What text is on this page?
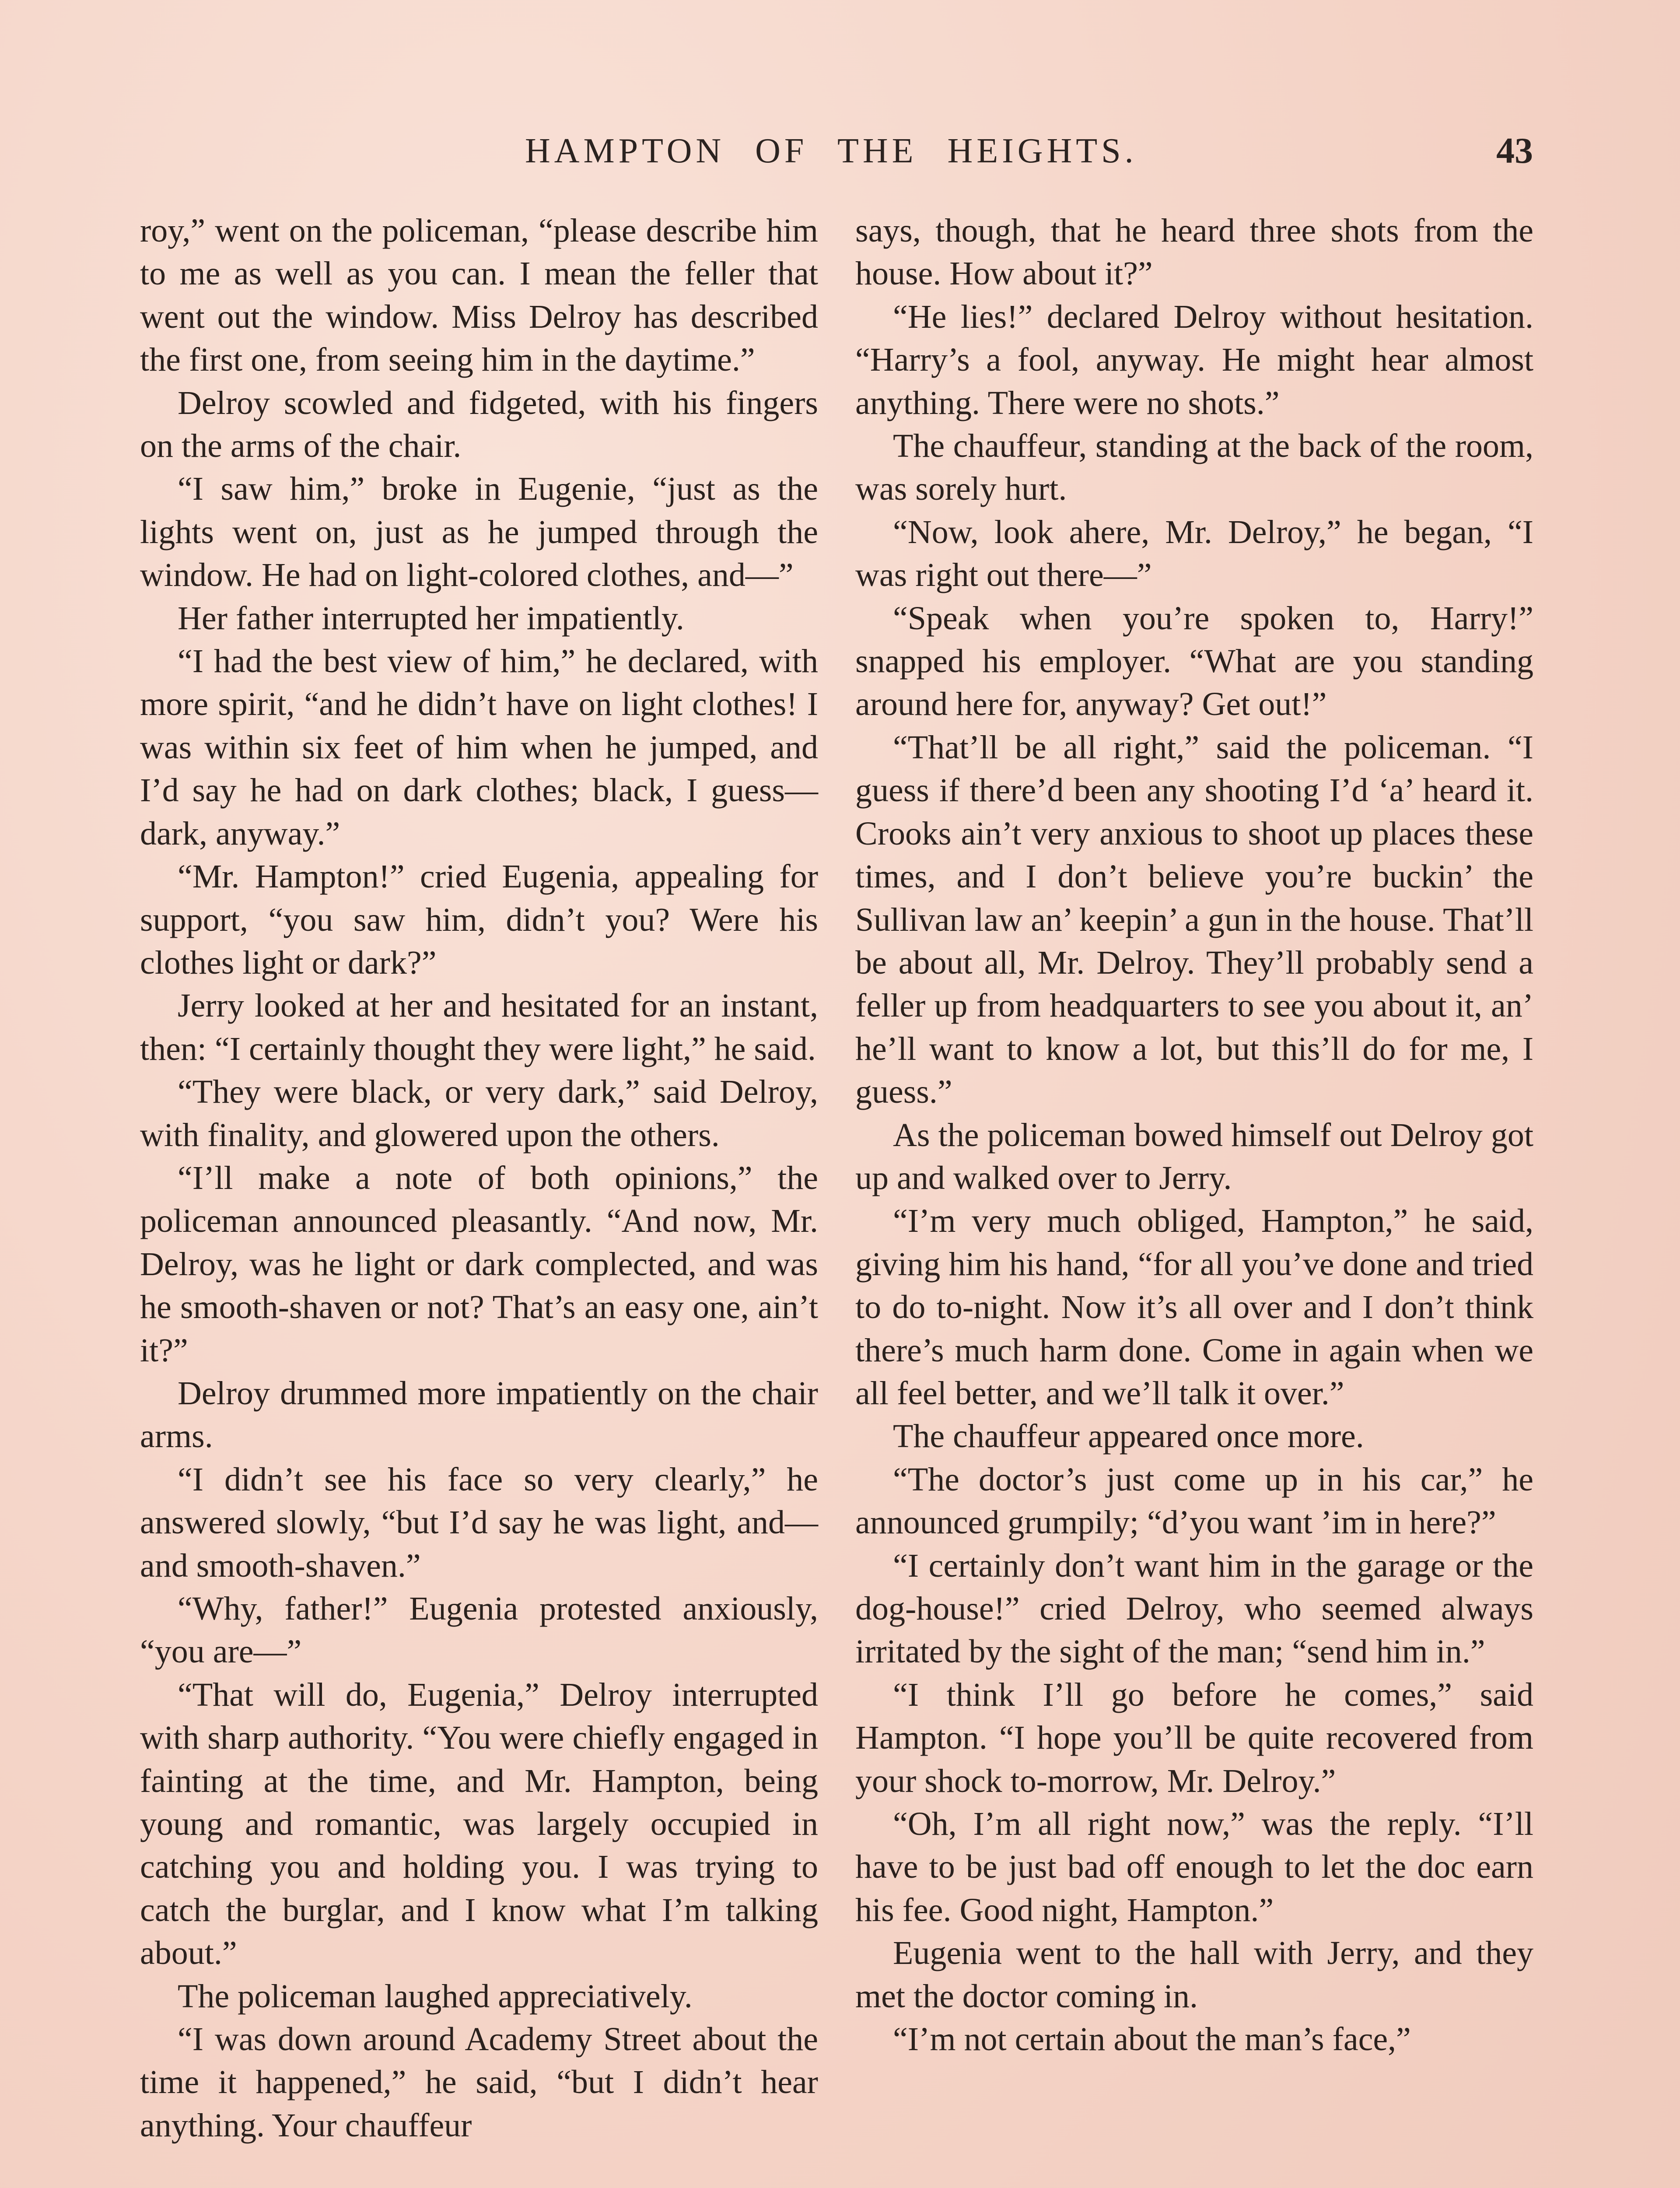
HAMPTON OF THE HEIGHTS.	43

roy,” went on the policeman, “please describe him to me as well as you can. I mean the feller that went out the window. Miss Delroy has described the first one, from seeing him in the daytime.”

Delroy scowled and fidgeted, with his fingers on the arms of the chair.

“I saw him,” broke in Eugenie, “just as the lights went on, just as he jumped through the window. He had on light-colored clothes, and—”

Her father interrupted her impatiently.

“I had the best view of him,” he declared, with more spirit, “and he didn’t have on light clothes! I was within six feet of him when he jumped, and I’d say he had on dark clothes; black, I guess—dark, anyway.”

“Mr. Hampton!” cried Eugenia, appealing for support, “you saw him, didn’t you? Were his clothes light or dark?”

Jerry looked at her and hesitated for an instant, then: “I certainly thought they were light,” he said.

“They were black, or very dark,” said Delroy, with finality, and glowered upon the others.

“I’ll make a note of both opinions,” the policeman announced pleasantly. “And now, Mr. Delroy, was he light or dark complected, and was he smooth-shaven or not? That’s an easy one, ain’t it?”

Delroy drummed more impatiently on the chair arms.

“I didn’t see his face so very clearly,” he answered slowly, “but I’d say he was light, and—and smooth-shaven.”

“Why, father!” Eugenia protested anxiously, “you are—”

“That will do, Eugenia,” Delroy interrupted with sharp authority. “You were chiefly engaged in fainting at the time, and Mr. Hampton, being young and romantic, was largely occupied in catching you and holding you. I was trying to catch the burglar, and I know what I’m talking about.”

The policeman laughed appreciatively.

“I was down around Academy Street about the time it happened,” he said, “but I didn’t hear anything. Your chauffeur

says, though, that he heard three shots from the house. How about it?”

“He lies!” declared Delroy without hesitation. “Harry’s a fool, anyway. He might hear almost anything. There were no shots.”

The chauffeur, standing at the back of the room, was sorely hurt.

“Now, look ahere, Mr. Delroy,” he began, “I was right out there—”

“Speak when you’re spoken to, Harry!” snapped his employer. “What are you standing around here for, anyway? Get out!”

“That’ll be all right,” said the policeman. “I guess if there’d been any shooting I’d ‘a’ heard it. Crooks ain’t very anxious to shoot up places these times, and I don’t believe you’re buckin’ the Sullivan law an’ keepin’ a gun in the house. That’ll be about all, Mr. Delroy. They’ll probably send a feller up from headquarters to see you about it, an’ he’ll want to know a lot, but this’ll do for me, I guess.”

As the policeman bowed himself out Delroy got up and walked over to Jerry.

“I’m very much obliged, Hampton,” he said, giving him his hand, “for all you’ve done and tried to do to-night. Now it’s all over and I don’t think there’s much harm done. Come in again when we all feel better, and we’ll talk it over.”

The chauffeur appeared once more.

“The doctor’s just come up in his car,” he announced grumpily; “d’you want ’im in here?”

“I certainly don’t want him in the garage or the dog-house!” cried Delroy, who seemed always irritated by the sight of the man; “send him in.”

“I think I’ll go before he comes,” said Hampton. “I hope you’ll be quite recovered from your shock to-morrow, Mr. Delroy.”

“Oh, I’m all right now,” was the reply. “I’ll have to be just bad off enough to let the doc earn his fee. Good night, Hampton.”

Eugenia went to the hall with Jerry, and they met the doctor coming in.

“I’m not certain about the man’s face,”
